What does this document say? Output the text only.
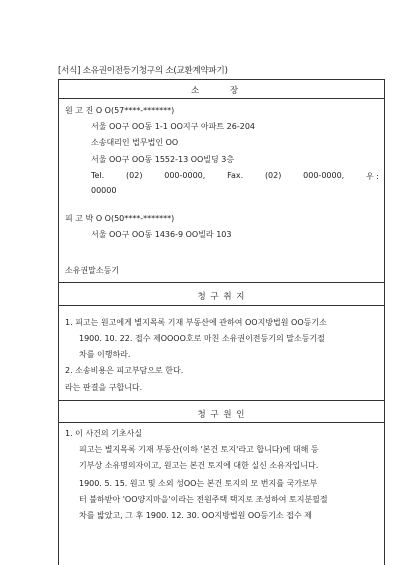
[서식] 소유권이전등기청구의 소(교환계약파기)
소 장
원 고 진 O O(57****-*******)
서울 OO구 OO동 1-1 OO지구 아파트 26-204
소송대리인 법무법인 OO
서울 OO구 OO동 1552-13 OO빌딩 3층
Tel.	(02)	000-0000,	Fax.	(02)	000-0000,	우 :
00000
피 고 박 O O(50****-*******)
서울 OO구 OO동 1436-9 OO빌라 103
소유권말소등기
청 구 취 지
1. 피고는 원고에게 별지목록 기재 부동산에 관하여 OO지방법원 OO등기소
1900. 10. 22. 접수 제OOOO호로 마친 소유권이전등기의 말소등기절
차를 이행하라.
2. 소송비용은 피고부담으로 한다.
라는 판결을 구합니다.
청 구 원 인
1. 이 사건의 기초사실
피고는 별지목록 기재 부동산(이하 '본건 토지'라고 합니다)에 대해 등
기부상 소유명의자이고, 원고는 본건 토지에 대한 실신 소유자입니다.
1900. 5. 15. 원고 및 소외 성OO는 본건 토지의 모 번지를 국가로부
터 불하받아 'OO양지마을'이라는 전원주택 택지로 조성하여 토지분필절
차를 밟았고, 그 후 1900. 12. 30. OO지방법원 OO등기소 접수 제
